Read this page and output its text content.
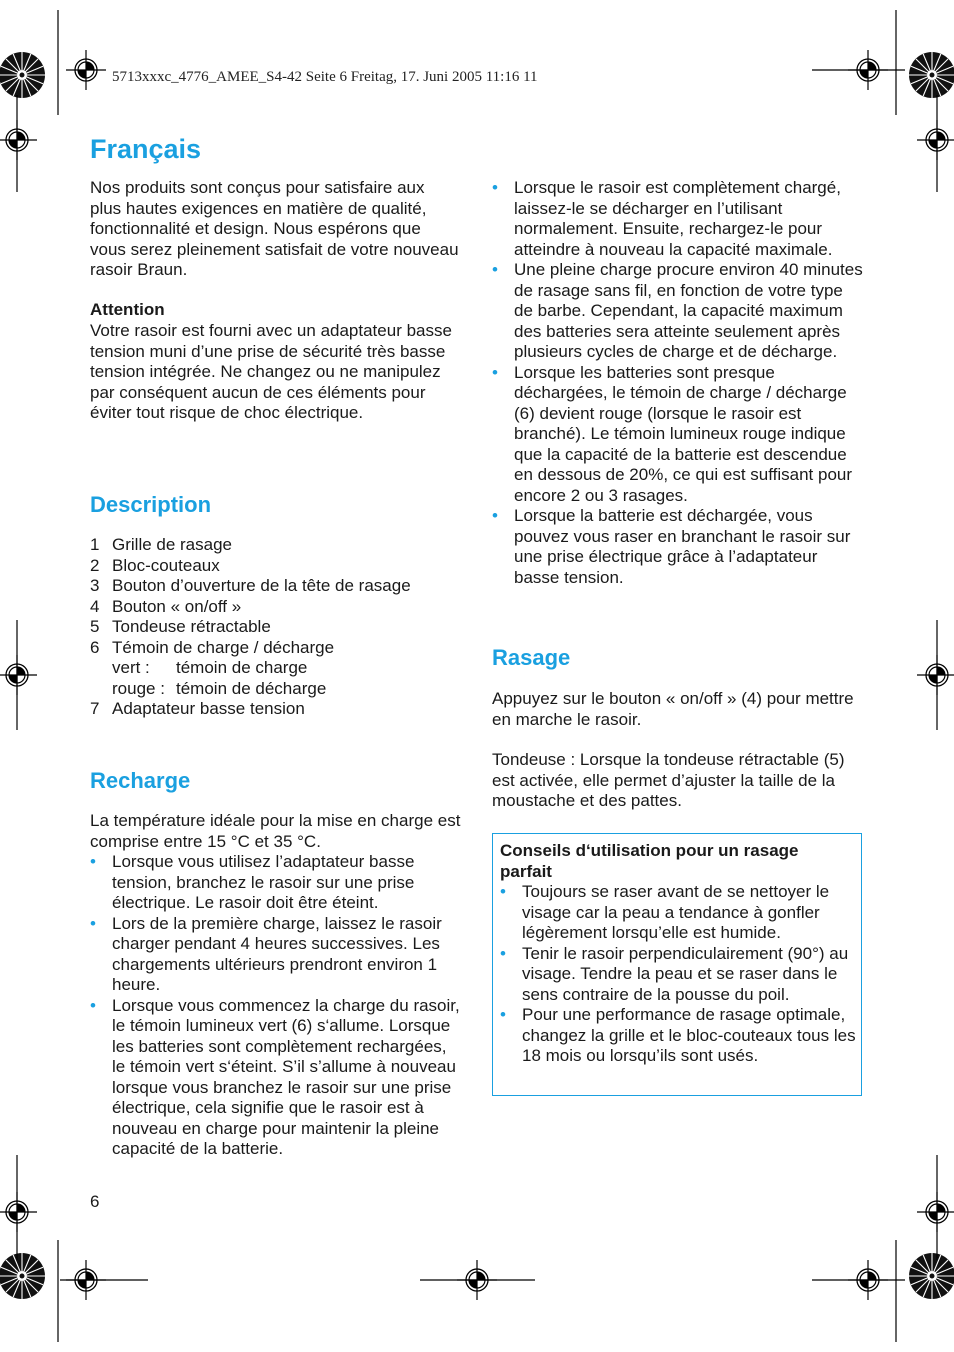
5713xxxc_4776_AMEE_S4-42 Seite 6 Freitag, 17. Juni 2005 11:16 11
Français

Nos produits sont conçus pour satisfaire aux plus hautes exigences en matière de qualité, fonctionnalité et design. Nous espérons que vous serez pleinement satisfait de votre nouveau rasoir Braun.

Attention

Votre rasoir est fourni avec un adaptateur basse tension muni d’une prise de sécurité très basse tension intégrée. Ne changez ou ne manipulez par conséquent aucun de ces éléments pour éviter tout risque de choc électrique.

Description
1 Grille de rasage
2 Bloc-couteaux
3 Bouton d’ouverture de la tête de rasage
4 Bouton « on/off »
5 Tondeuse rétractable
6 Témoin de charge / décharge
vert :	témoin de charge
rouge : témoin de décharge
7 Adaptateur basse tension
Recharge

La température idéale pour la mise en charge est comprise entre 15 °C et 35 °C.

• Lorsque vous utilisez l’adaptateur basse tension, branchez le rasoir sur une prise électrique. Le rasoir doit être éteint.
• Lors de la première charge, laissez le rasoir charger pendant 4 heures successives. Les chargements ultérieurs prendront environ 1 heure.
• Lorsque vous commencez la charge du rasoir, le témoin lumineux vert (6) s‘allume. Lorsque les batteries sont complètement rechargées, le témoin vert s‘éteint. S’il s’allume à nouveau lorsque vous branchez le rasoir sur une prise électrique, cela signifie que le rasoir est à nouveau en charge pour maintenir la pleine capacité de la batterie.
6
• Lorsque le rasoir est complètement chargé, laissez-le se décharger en l’utilisant normalement. Ensuite, rechargez-le pour atteindre à nouveau la capacité maximale.
• Une pleine charge procure environ 40 minutes de rasage sans fil, en fonction de votre type de barbe. Cependant, la capacité maximum des batteries sera atteinte seulement après plusieurs cycles de charge et de décharge.
• Lorsque les batteries sont presque déchargées, le témoin de charge / décharge (6) devient rouge (lorsque le rasoir est branché). Le témoin lumineux rouge indique que la capacité de la batterie est descendue en dessous de 20%, ce qui est suffisant pour encore 2 ou 3 rasages.
• Lorsque la batterie est déchargée, vous pouvez vous raser en branchant le rasoir sur une prise électrique grâce à l’adaptateur basse tension.
Rasage

Appuyez sur le bouton « on/off » (4) pour mettre en marche le rasoir.

Tondeuse : Lorsque la tondeuse rétractable (5) est activée, elle permet d’ajuster la taille de la moustache et des pattes.

Conseils d‘utilisation pour un rasage parfait

• Toujours se raser avant de se nettoyer le visage car la peau a tendance à gonfler légèrement lorsqu’elle est humide.
• Tenir le rasoir perpendiculairement (90°) au visage. Tendre la peau et se raser dans le sens contraire de la pousse du poil.
• Pour une performance de rasage optimale, changez la grille et le bloc-couteaux tous les 18 mois ou lorsqu’ils sont usés.
